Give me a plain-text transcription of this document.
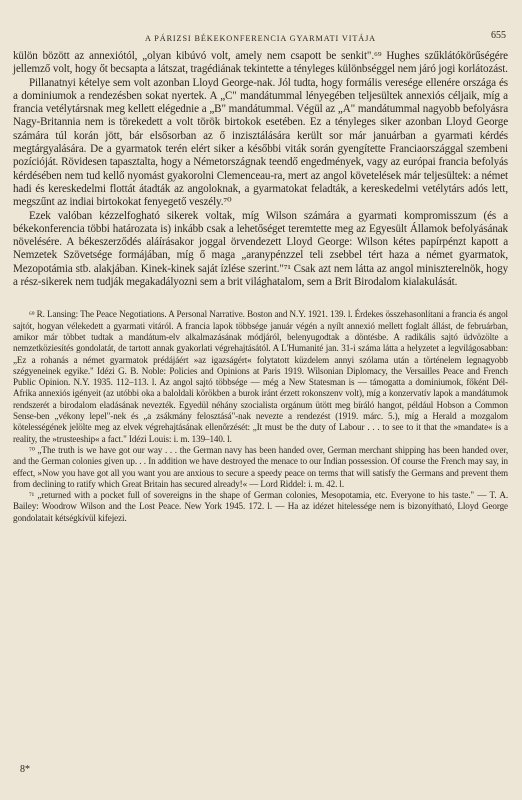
A PÁRIZSI BÉKEKONFERENCIA GYARMATI VITÁJA	655

külön bözött az annexiótól, „olyan kibúvó volt, amely nem csapott be senkit".⁶⁹ Hughes szűklátókörűségére jellemző volt, hogy őt becsapta a látszat, tragédiának tekintette a tényleges különbséggel nem járó jogi korlátozást.

Pillanatnyi kételye sem volt azonban Lloyd George-nak. Jól tudta, hogy formális veresége ellenére országa és a dominiumok a rendezésben sokat nyertek. A „C" mandátummal lényegében teljesültek annexiós céljaik, míg a francia vetélytársnak meg kellett elégednie a „B" mandátummal. Végül az „A" mandátummal nagyobb befolyásra Nagy-Britannia nem is törekedett a volt török birtokok esetében. Ez a tényleges siker azonban Lloyd George számára túl korán jött, bár elsősorban az ő inzisztálására került sor már januárban a gyarmati kérdés megtárgyalására. De a gyarmatok terén elért siker a későbbi viták során gyengítette Franciaországgal szembeni pozícióját. Rövidesen tapasztalta, hogy a Németországnak teendő engedmények, vagy az európai francia befolyás kérdésében nem tud kellő nyomást gyakorolni Clemenceau-ra, mert az angol követelések már teljesültek: a német hadi és kereskedelmi flottát átadták az angoloknak, a gyarmatokat feladták, a kereskedelmi vetélytárs adós lett, megszűnt az indiai birtokokat fenyegető veszély.⁷⁰

Ezek valóban kézzelfogható sikerek voltak, míg Wilson számára a gyarmati kompromisszum (és a békekonferencia többi határozata is) inkább csak a lehetőséget teremtette meg az Egyesült Államok befolyásának növelésére. A békeszerződés aláírásakor joggal örvendezett Lloyd George: Wilson kétes papírpénzt kapott a Nemzetek Szövetsége formájában, míg ő maga „aranypénzzel teli zsebbel tért haza a német gyarmatok, Mezopotámia stb. alakjában. Kinek-kinek saját ízlése szerint."⁷¹ Csak azt nem látta az angol miniszterelnök, hogy a rész-sikerek nem tudják megakadályozni sem a brit világhatalom, sem a Brit Birodalom kialakulását.

⁶⁹ R. Lansing: The Peace Negotiations. A Personal Narrative. Boston and N.Y. 1921. 139. l. Érdekes összehasonlítani a francia és angol sajtót, hogyan vélekedett a gyarmati vitáról. A francia lapok többsége január végén a nyílt annexió mellett foglalt állást, de februárban, amikor már többet tudtak a mandátum-elv alkalmazásának módjáról, belenyugodtak a döntésbe. A radikális sajtó üdvözölte a nemzetköziesítés gondolatát, de tartott annak gyakorlati végrehajtásától. A L'Humanité jan. 31-i száma látta a helyzetet a legvilágosabban: „Ez a rohanás a német gyarmatok prédájáért »az igazságért« folytatott küzdelem annyi szólama után a történelem legnagyobb szégyeneinek egyike." Idézi G. B. Noble: Policies and Opinions at Paris 1919. Wilsonian Diplomacy, the Versailles Peace and French Public Opinion. N.Y. 1935. 112–113. l. Az angol sajtó többsége — még a New Statesman is — támogatta a dominiumok, főként Dél-Afrika annexiós igényeit (az utóbbi oka a baloldali körökben a burok iránt érzett rokonszenv volt), míg a konzervatív lapok a mandátumok rendszerét a birodalom eladásának nevezték. Egyedül néhány szocialista orgánum ütött meg bíráló hangot, például Hobson a Common Sense-ben „vékony lepel"-nek és „a zsákmány felosztásá"-nak nevezte a rendezést (1919. márc. 5.), míg a Herald a mozgalom kötelességének jelölte meg az elvek végrehajtásának ellenőrzését: „It must be the duty of Labour . . . to see to it that the »mandate« is a reality, the »trusteeship« a fact." Idézi Louis: i. m. 139–140. l.

⁷⁰ „The truth is we have got our way . . . the German navy has been handed over, German merchant shipping has been handed over, and the German colonies given up. . . In addition we have destroyed the menace to our Indian possession. Of course the French may say, in effect, »Now you have got all you want you are anxious to secure a speedy peace on terms that will satisfy the Germans and prevent them from declining to ratify which Great Britain has secured already!« — Lord Riddel: i. m. 42. l.

⁷¹ „returned with a pocket full of sovereigns in the shape of German colonies, Mesopotamia, etc. Everyone to his taste." — T. A. Bailey: Woodrow Wilson and the Lost Peace. New York 1945. 172. l. — Ha az idézet hitelessége nem is bizonyítható, Lloyd George gondolatait kétségkívül kifejezi.

8*
